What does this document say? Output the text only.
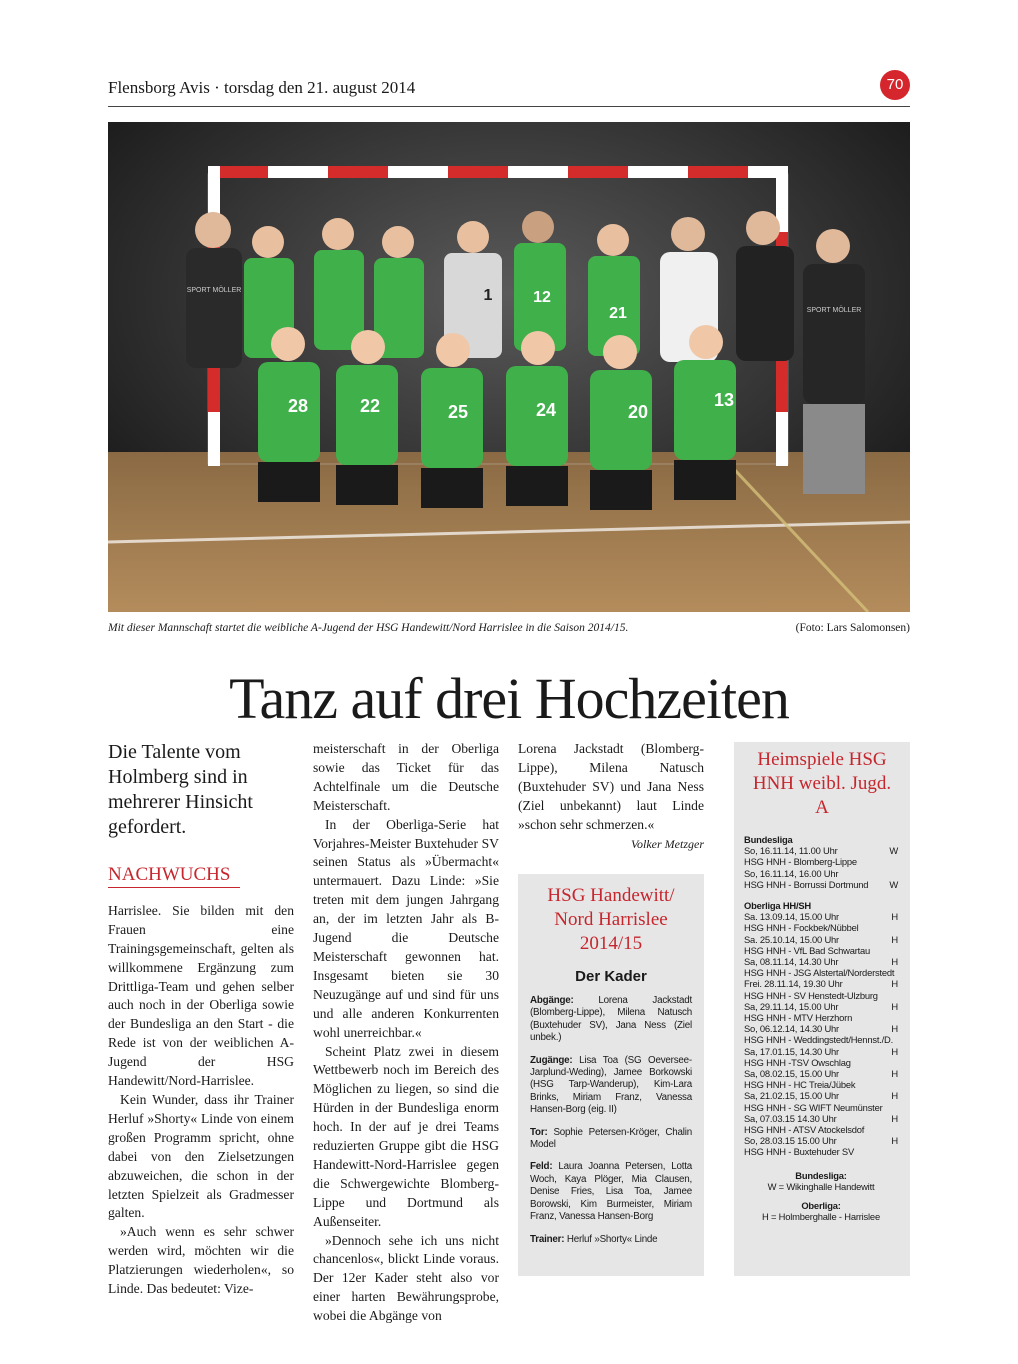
Flensborg Avis · torsdag den 21. august 2014	70
SPORT MÖLLER	1	12
21	SPORT MÖLLER
28	22	25	24	20
13
Mit dieser Mannschaft startet die weibliche A-Jugend der HSG Handewitt/Nord Harrislee in die Saison 2014/15.	(Foto: Lars Salomonsen)
Tanz auf drei Hochzeiten
Die Talente vom Holmberg sind in mehrerer Hinsicht gefordert.
NACHWUCHS

Harrislee. Sie bilden mit den Frauen eine Trainingsgemeinschaft, gelten als willkommene Ergänzung zum Drittliga-Team und gehen selber auch noch in der Oberliga sowie der Bundesliga an den Start - die Rede ist von der weiblichen A-Jugend der HSG Handewitt/Nord-Harrislee.

Kein Wunder, dass ihr Trainer Herluf »Shorty« Linde von einem großen Programm spricht, ohne dabei von den Zielsetzungen abzuweichen, die schon in der letzten Spielzeit als Gradmesser galten.

»Auch wenn es sehr schwer werden wird, möchten wir die Platzierungen wiederholen«, so Linde. Das bedeutet: Vize-

meisterschaft in der Oberliga sowie das Ticket für das Achtelfinale um die Deutsche Meisterschaft.

In der Oberliga-Serie hat Vorjahres-Meister Buxtehuder SV seinen Status als »Übermacht« untermauert. Dazu Linde: »Sie treten mit dem jungen Jahrgang an, der im letzten Jahr als B-Jugend die Deutsche Meisterschaft gewonnen hat. Insgesamt bieten sie 30 Neuzugänge auf und sind für uns und alle anderen Konkurrenten wohl unerreichbar.«

Scheint Platz zwei in diesem Wettbewerb noch im Bereich des Möglichen zu liegen, so sind die Hürden in der Bundesliga enorm hoch. In der auf je drei Teams reduzierten Gruppe gibt die HSG Handewitt-Nord-Harrislee gegen die Schwergewichte Blomberg-Lippe und Dortmund als Außenseiter.

»Dennoch sehe ich uns nicht chancenlos«, blickt Linde voraus. Der 12er Kader steht also vor einer harten Bewährungsprobe, wobei die Abgänge von

Lorena Jackstadt (Blomberg-Lippe), Milena Natusch (Buxtehuder SV) und Jana Ness (Ziel unbekannt) laut Linde »schon sehr schmerzen.«

Volker Metzger
HSG Handewitt/ Nord Harrislee 2014/15
Der Kader

Abgänge:	Lorena Jackstadt (Blomberg-Lippe), Milena Natusch (Buxtehuder SV), Jana Ness (Ziel unbek.)

Zugänge: Lisa Toa (SG Oeversee-Jarplund-Weding), Jamee Borkowski (HSG Tarp-Wanderup), Kim-Lara Brinks, Miriam Franz, Vanessa Hansen-Borg (eig. II)

Tor: Sophie Petersen-Kröger, Chalin Model

Feld: Laura Joanna Petersen, Lotta Woch, Kaya Plöger, Mia Clausen, Denise Fries, Lisa Toa, Jamee Borowski, Kim Burmeister, Miriam Franz, Vanessa Hansen-Borg

Trainer: Herluf »Shorty« Linde

Heimspiele HSG HNH weibl. Jugd. A
Bundesliga
So, 16.11.14, 11.00 Uhr	W
HSG HNH - Blomberg-Lippe
So, 16.11.14, 16.00 Uhr
HSG HNH - Borrussi Dortmund W
Oberliga HH/SH
Sa. 13.09.14, 15.00 Uhr	H
HSG HNH - Fockbek/Nübbel
Sa. 25.10.14, 15.00 Uhr	H
HSG HNH - VfL Bad Schwartau
Sa, 08.11.14, 14.30 Uhr	H
HSG HNH - JSG Alstertal/Norderstedt
Frei. 28.11.14, 19.30 Uhr	H
HSG HNH - SV Henstedt-Ulzburg
Sa, 29.11.14, 15.00 Uhr	H
HSG HNH - MTV Herzhorn
So, 06.12.14, 14.30 Uhr	H
HSG HNH - Weddingstedt/Hennst./D.
Sa, 17.01.15, 14.30 Uhr	H
HSG HNH -TSV Owschlag
Sa, 08.02.15, 15.00 Uhr	H
HSG HNH - HC Treia/Jübek
Sa, 21.02.15, 15.00 Uhr	H
HSG HNH - SG WIFT Neumünster
Sa, 07.03.15 14.30 Uhr	H
HSG HNH - ATSV Atockelsdof
So, 28.03.15 15.00 Uhr	H
HSG HNH - Buxtehuder SV
Bundesliga:
W = Wikinghalle Handewitt
Oberliga:
H = Holmberghalle - Harrislee
